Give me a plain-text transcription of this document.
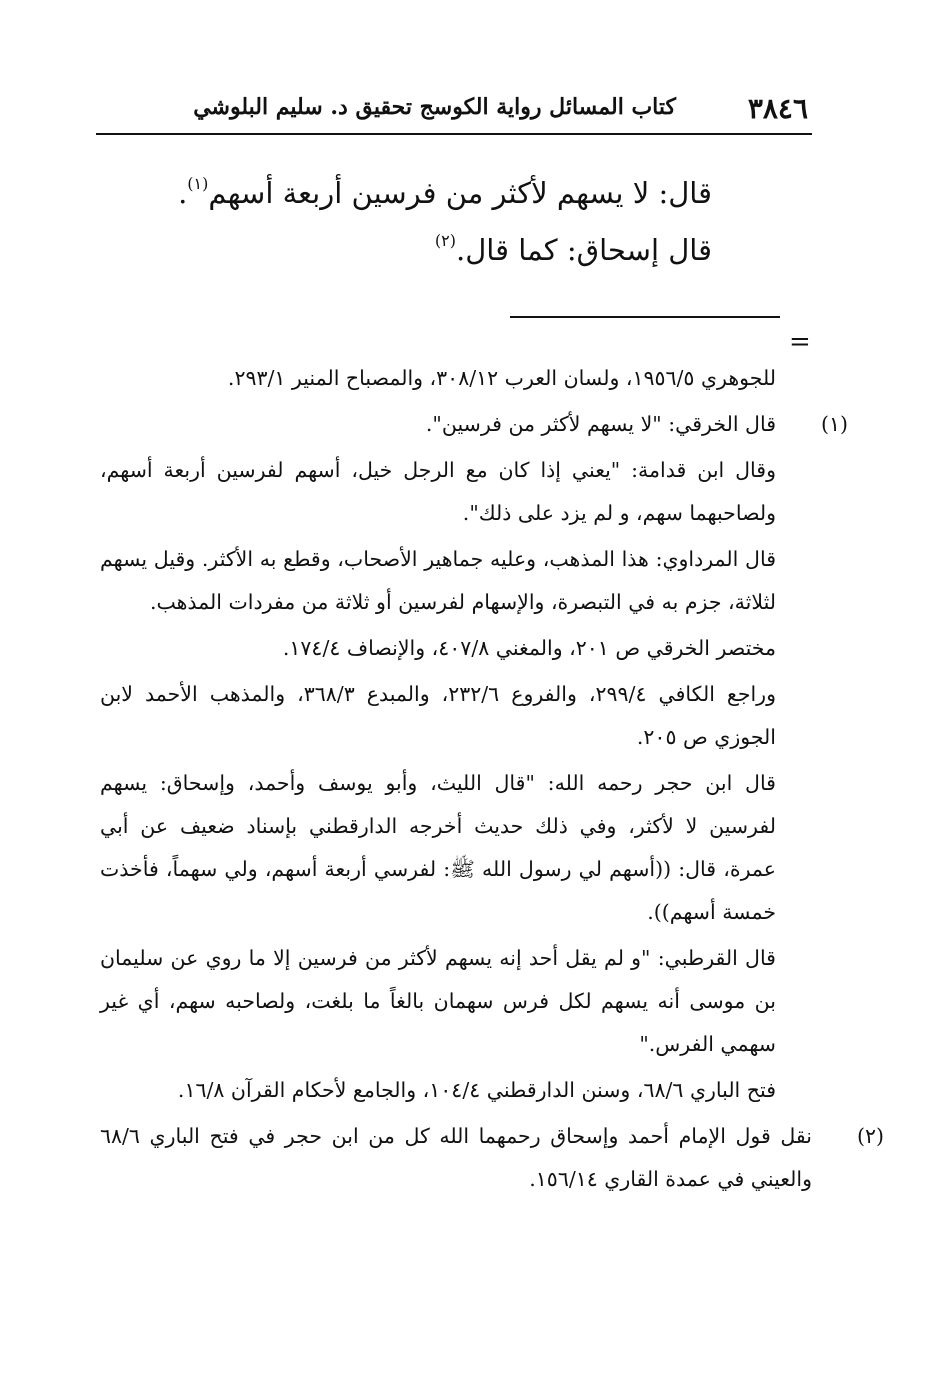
٣٨٤٦
كتاب المسائل رواية الكوسج تحقيق د. سليم البلوشي

قال: لا يسهم لأكثر من فرسين أربعة أسهم$^{(١)}$.

قال إسحاق: كما قال.$^{(٢)}$

=

للجوهري ١٩٥٦/٥، ولسان العرب ٣٠٨/١٢، والمصباح المنير ٢٩٣/١.

(١)قال الخرقي: "لا يسهم لأكثر من فرسين".

وقال ابن قدامة: "يعني إذا كان مع الرجل خيل، أسهم لفرسين أربعة أسهم، ولصاحبهما سهم، و لم يزد على ذلك".

قال المرداوي: هذا المذهب، وعليه جماهير الأصحاب، وقطع به الأكثر. وقيل يسهم لثلاثة، جزم به في التبصرة، والإسهام لفرسين أو ثلاثة من مفردات المذهب.

مختصر الخرقي ص ٢٠١، والمغني ٤٠٧/٨، والإنصاف ١٧٤/٤.

وراجع الكافي ٢٩٩/٤، والفروع ٢٣٢/٦، والمبدع ٣٦٨/٣، والمذهب الأحمد لابن الجوزي ص ٢٠٥.

قال ابن حجر رحمه الله: "قال الليث، وأبو يوسف وأحمد، وإسحاق: يسهم لفرسين لا لأكثر، وفي ذلك حديث أخرجه الدارقطني بإسناد ضعيف عن أبي عمرة، قال: ((أسهم لي رسول الله ﷺ: لفرسي أربعة أسهم، ولي سهماً، فأخذت خمسة أسهم)).

قال القرطبي: "و لم يقل أحد إنه يسهم لأكثر من فرسين إلا ما روي عن سليمان بن موسى أنه يسهم لكل فرس سهمان بالغاً ما بلغت، ولصاحبه سهم، أي غير سهمي الفرس."

فتح الباري ٦٨/٦، وسنن الدارقطني ١٠٤/٤، والجامع لأحكام القرآن ١٦/٨.

(٢)نقل قول الإمام أحمد وإسحاق رحمهما الله كل من ابن حجر في فتح الباري ٦٨/٦ والعيني في عمدة القاري ١٥٦/١٤.
